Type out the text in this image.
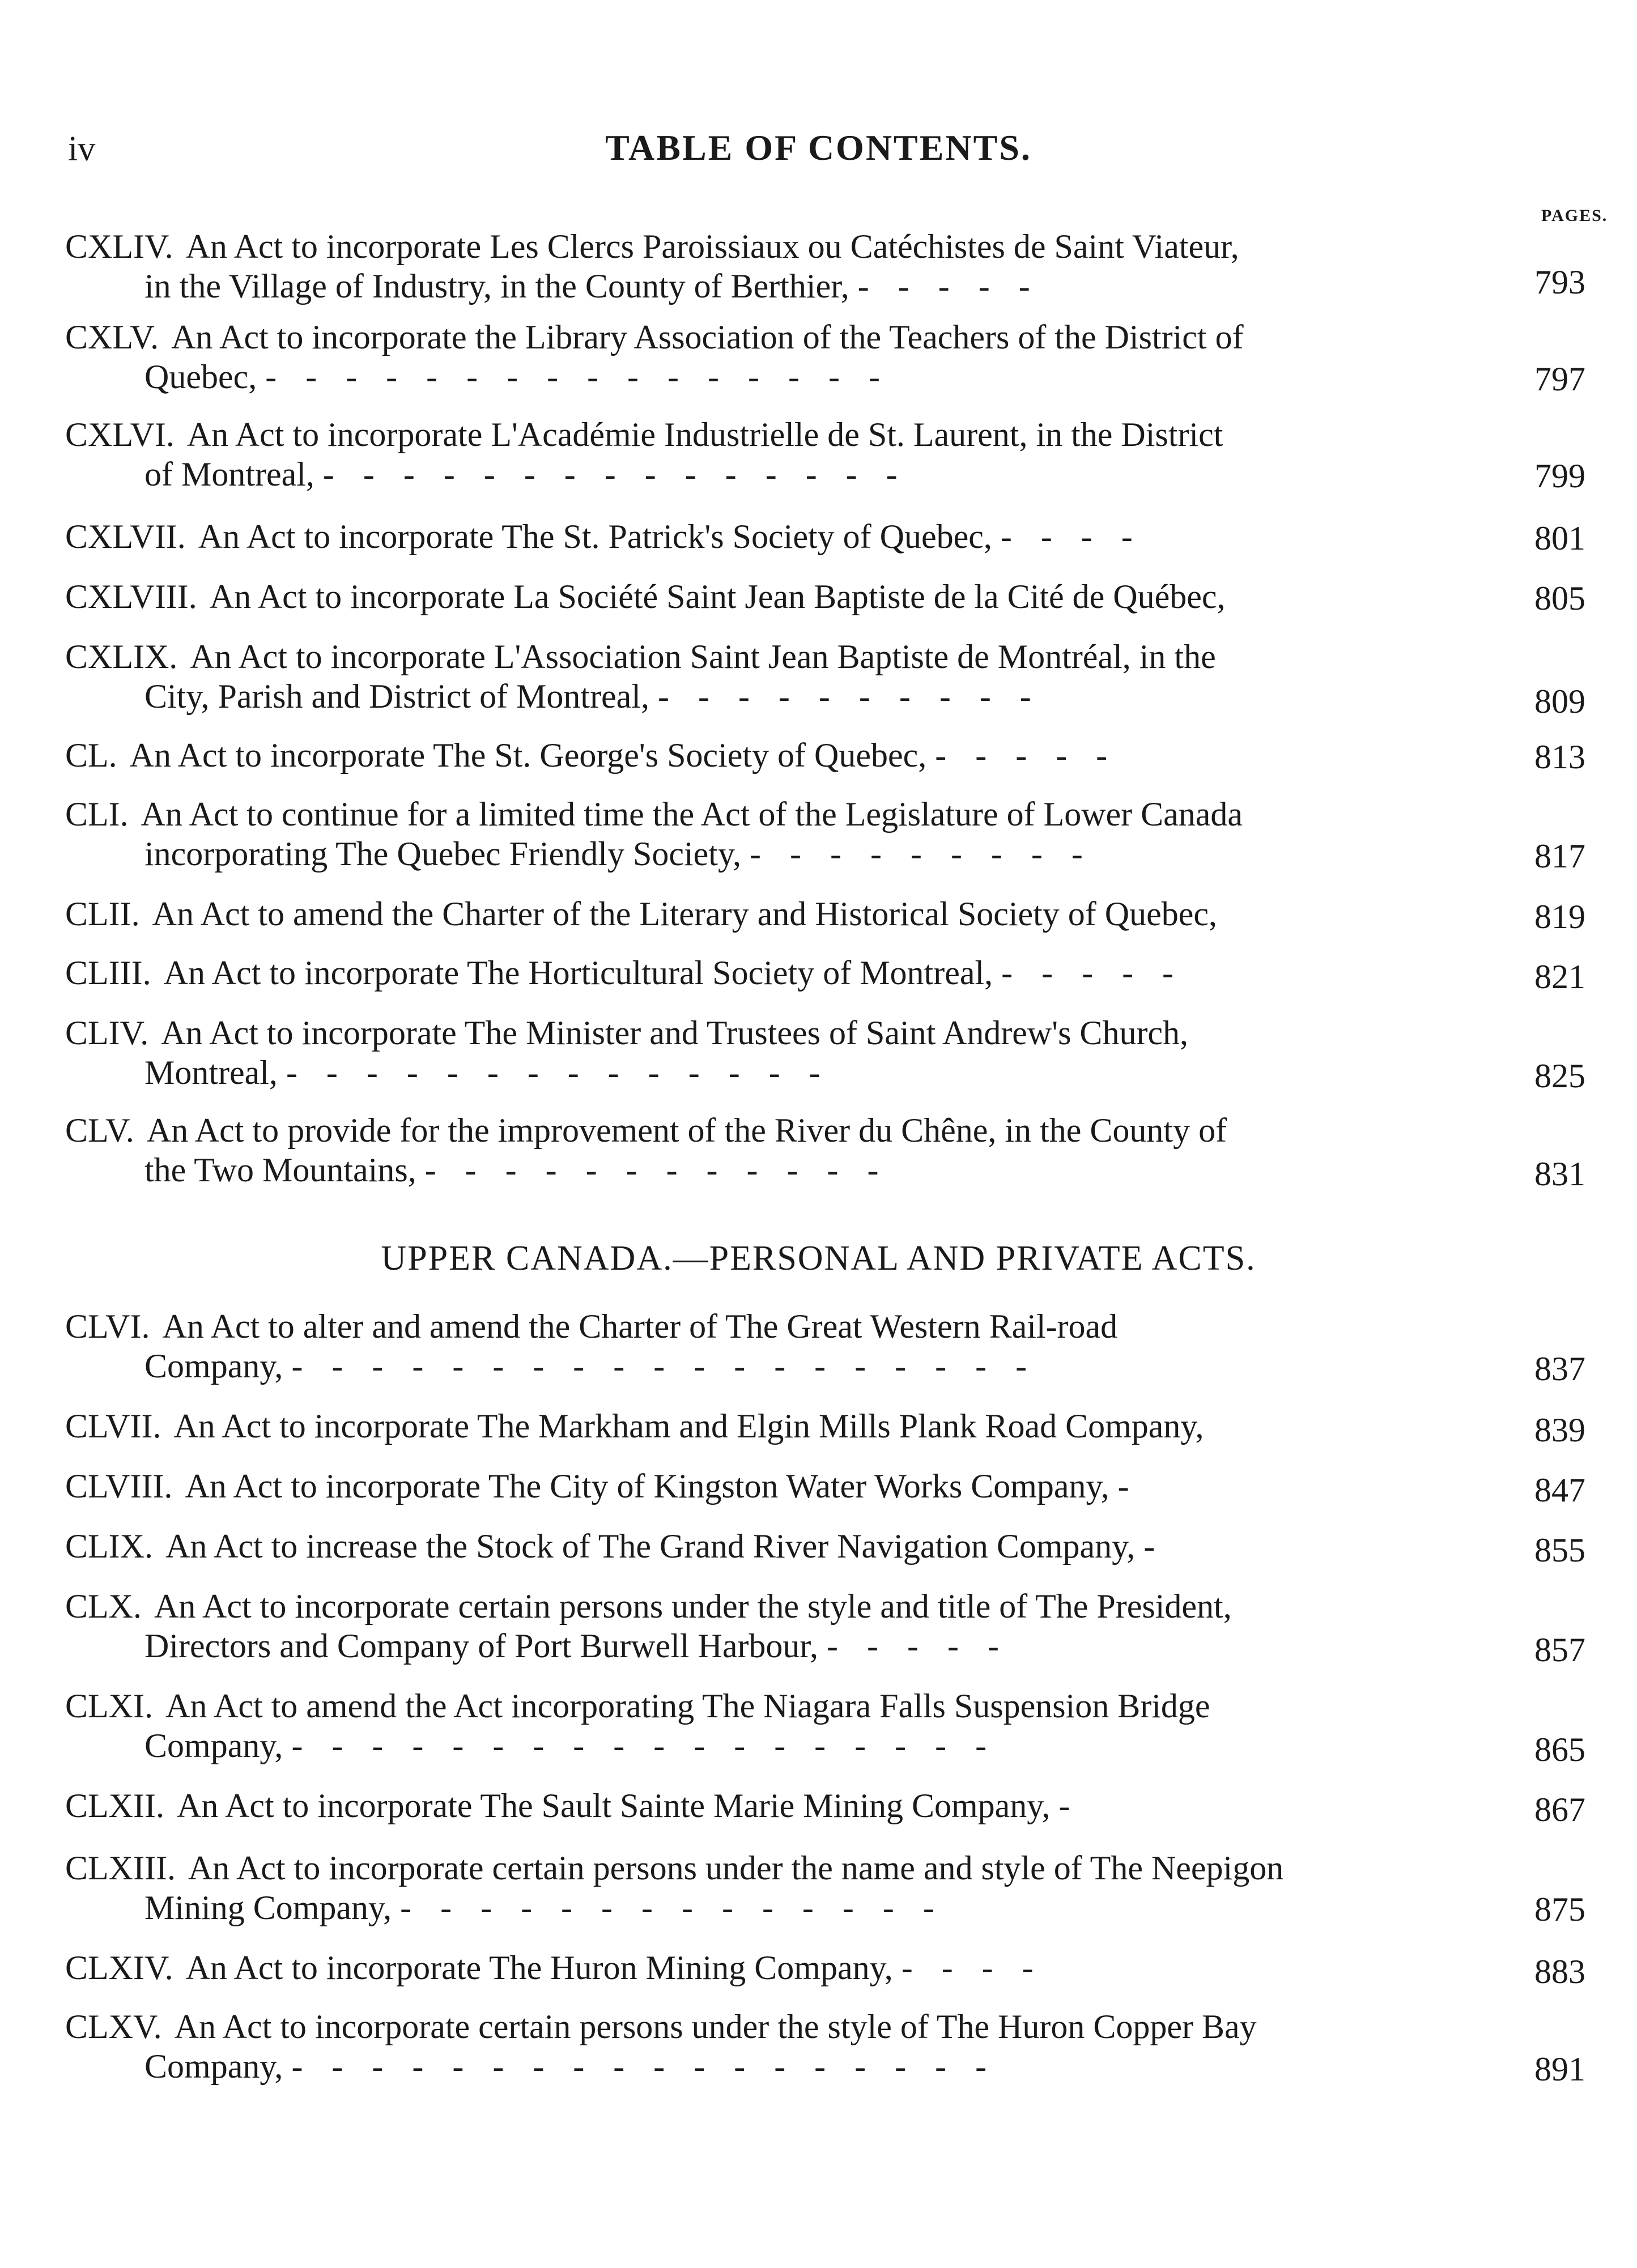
iv	TABLE OF CONTENTS.
PAGES.
CXLIV. An Act to incorporate Les Clercs Paroissiaux ou Catéchistes de Saint Viateur,
in the Village of Industry, in the County of Berthier, - - - - -	793
CXLV. An Act to incorporate the Library Association of the Teachers of the District of
Quebec, - - - - - - - - - - - - - - - -	797
CXLVI. An Act to incorporate L'Académie Industrielle de St. Laurent, in the District
of Montreal, - - - - - - - - - - - - - - -	799
CXLVII. An Act to incorporate The St. Patrick's Society of Quebec, - - - -	801
CXLVIII. An Act to incorporate La Société Saint Jean Baptiste de la Cité de Québec,	805
CXLIX. An Act to incorporate L'Association Saint Jean Baptiste de Montréal, in the
City, Parish and District of Montreal, - - - - - - - - - -	809
CL. An Act to incorporate The St. George's Society of Quebec, - - - - -	813
CLI. An Act to continue for a limited time the Act of the Legislature of Lower Canada
incorporating The Quebec Friendly Society, - - - - - - - - -	817
CLII. An Act to amend the Charter of the Literary and Historical Society of Quebec,	819
CLIII. An Act to incorporate The Horticultural Society of Montreal, - - - - -	821
CLIV. An Act to incorporate The Minister and Trustees of Saint Andrew's Church,
Montreal, - - - - - - - - - - - - - -	825
CLV. An Act to provide for the improvement of the River du Chêne, in the County of
the Two Mountains, - - - - - - - - - - - -	831
UPPER CANADA.—PERSONAL AND PRIVATE ACTS.
CLVI. An Act to alter and amend the Charter of The Great Western Rail-road
Company, - - - - - - - - - - - - - - - - - - -	837
CLVII. An Act to incorporate The Markham and Elgin Mills Plank Road Company,	839
CLVIII. An Act to incorporate The City of Kingston Water Works Company, -	847
CLIX. An Act to increase the Stock of The Grand River Navigation Company, -	855
CLX. An Act to incorporate certain persons under the style and title of The President,
Directors and Company of Port Burwell Harbour, - - - - -	857
CLXI. An Act to amend the Act incorporating The Niagara Falls Suspension Bridge
Company, - - - - - - - - - - - - - - - - - -	865
CLXII. An Act to incorporate The Sault Sainte Marie Mining Company, -	867
CLXIII. An Act to incorporate certain persons under the name and style of The Neepigon
Mining Company, - - - - - - - - - - - - - -	875
CLXIV. An Act to incorporate The Huron Mining Company, - - - -	883
CLXV. An Act to incorporate certain persons under the style of The Huron Copper Bay
Company, - - - - - - - - - - - - - - - - - -	891
